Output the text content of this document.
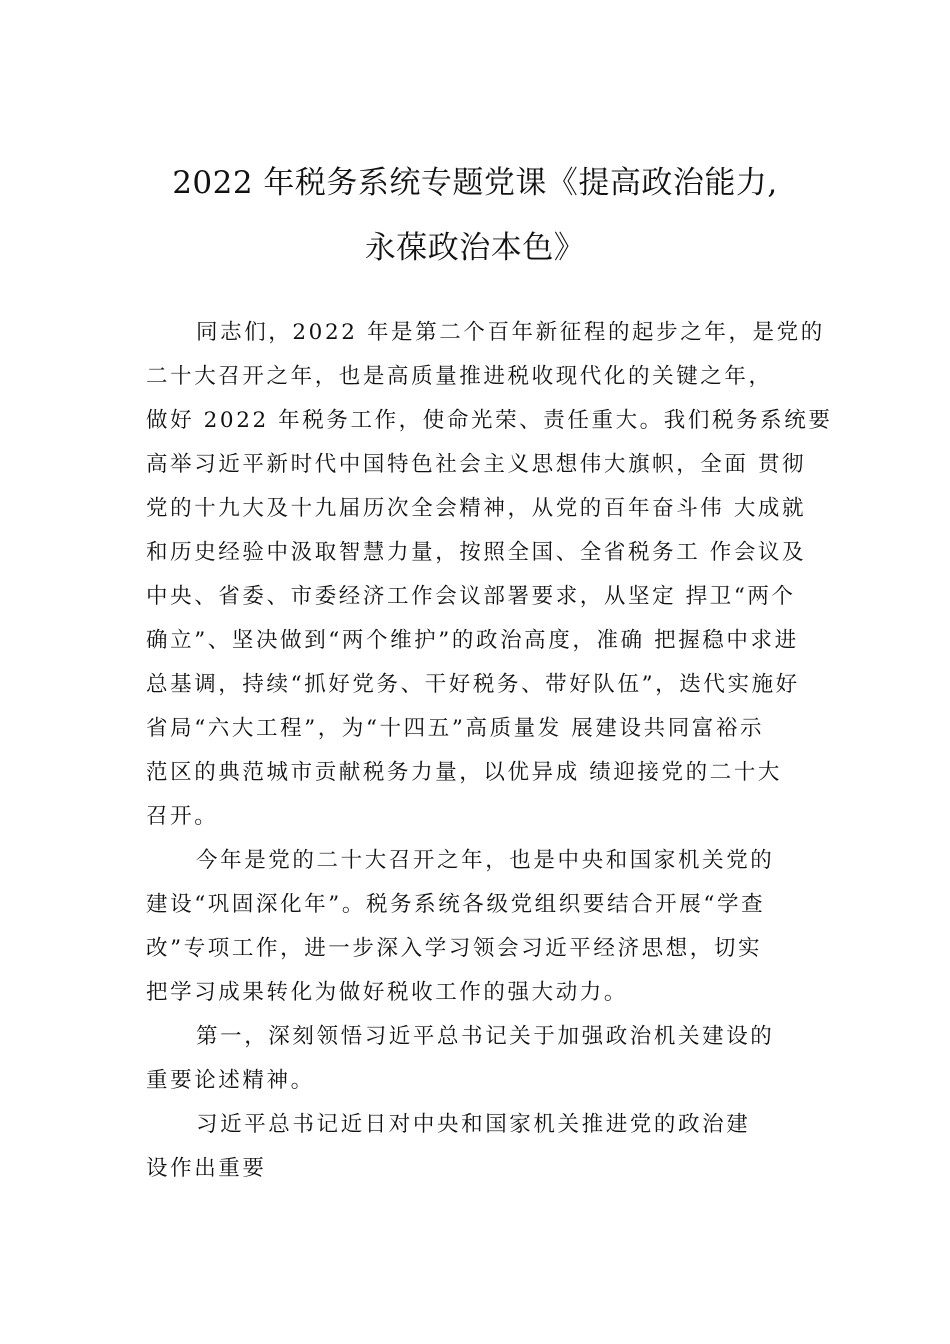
2022 年税务系统专题党课《提高政治能力,
永葆政治本色》
同志们，2022 年是第二个百年新征程的起步之年，是党的
二十大召开之年，也是高质量推进税收现代化的关键之年，
做好 2022 年税务工作，使命光荣、责任重大。我们税务系统要
高举习近平新时代中国特色社会主义思想伟大旗帜，全面 贯彻
党的十九大及十九届历次全会精神，从党的百年奋斗伟 大成就
和历史经验中汲取智慧力量，按照全国、全省税务工 作会议及
中央、省委、市委经济工作会议部署要求，从坚定 捍卫“两个
确立”、坚决做到“两个维护”的政治高度，准确 把握稳中求进
总基调，持续“抓好党务、干好税务、带好队伍”，迭代实施好
省局“六大工程”，为“十四五”高质量发 展建设共同富裕示
范区的典范城市贡献税务力量，以优异成 绩迎接党的二十大
召开。
今年是党的二十大召开之年，也是中央和国家机关党的
建设“巩固深化年”。税务系统各级党组织要结合开展“学查
改”专项工作，进一步深入学习领会习近平经济思想，切实
把学习成果转化为做好税收工作的强大动力。
第一，深刻领悟习近平总书记关于加强政治机关建设的
重要论述精神。
习近平总书记近日对中央和国家机关推进党的政治建
设作出重要
